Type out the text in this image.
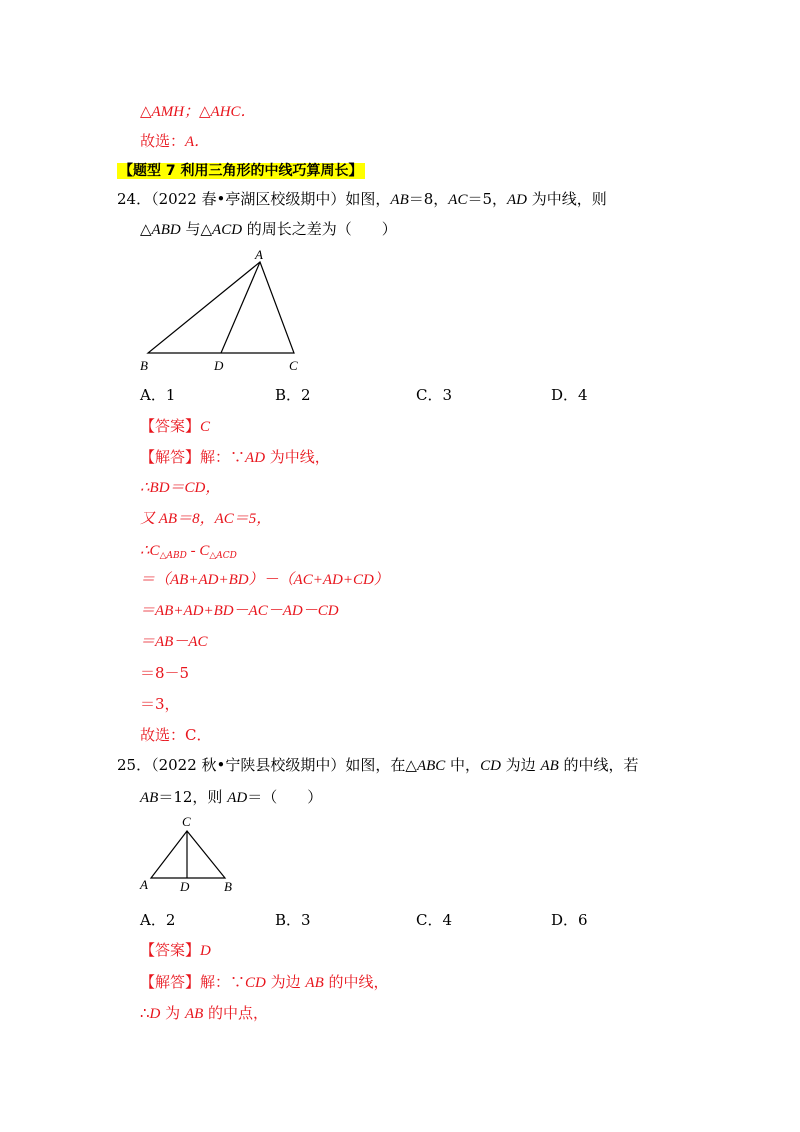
△AMH；△AHC．
故选：A．
【题型 7 利用三角形的中线巧算周长】
24．（2022 春•亭湖区校级期中）如图，AB＝8，AC＝5，AD 为中线，则
△ABD 与△ACD 的周长之差为（　　）
A
B	D	C
A．1	B．2	C．3	D．4
【答案】C
【解答】解：∵AD 为中线，
∴BD＝CD，
又 AB＝8，AC＝5，
$\therefore C_{\triangle ABD} - C_{\triangle ACD}$
＝（AB+AD+BD）－（AC+AD+CD）
＝AB+AD+BD－AC－AD－CD
＝AB－AC
＝8－5
＝3，
故选：C．
25．（2022 秋•宁陕县校级期中）如图，在△ABC 中，CD 为边 AB 的中线，若
AB＝12，则 AD＝（　　）
C
A D	B
A．2	B．3	C．4	D．6
【答案】D
【解答】解：∵CD 为边 AB 的中线，
∴D 为 AB 的中点，
